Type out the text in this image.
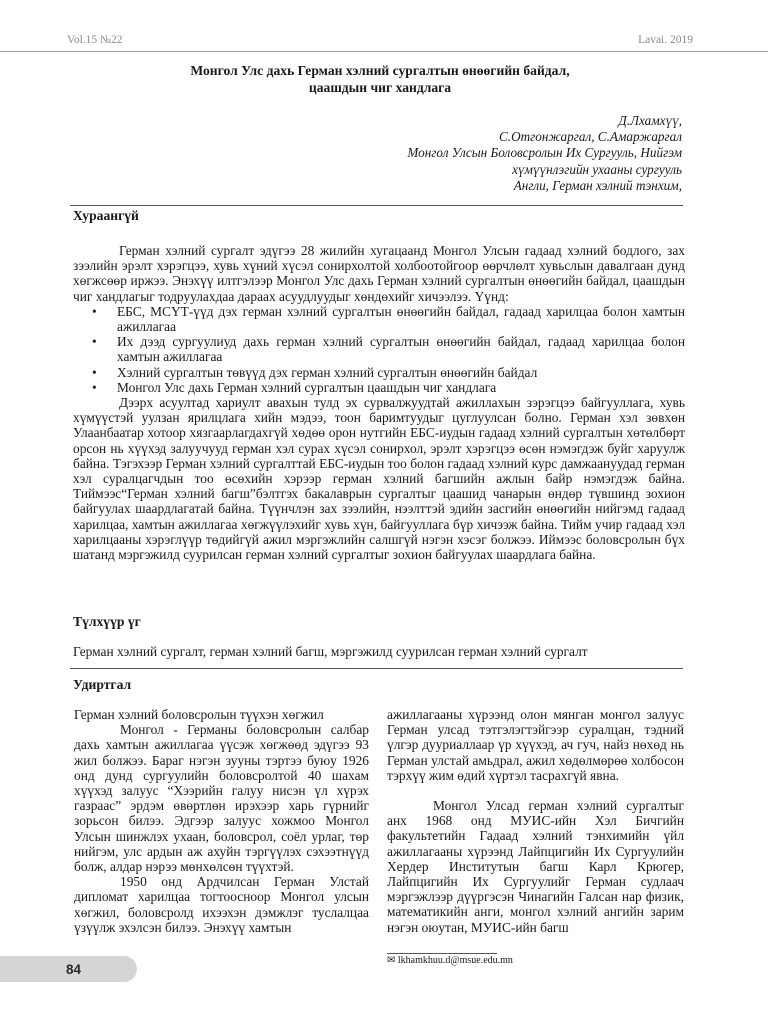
Vol.15 №22	Lavai. 2019
Монгол Улс дахь Герман хэлний сургалтын өнөөгийн байдал,
цаашдын чиг хандлага
Д.Лхамхүү,
С.Отгонжаргал, С.Амаржаргал
Монгол Улсын Боловсролын Их Сургууль, Нийгэм
хүмүүнлэгийн ухааны сургууль
Англи, Герман хэлний тэнхим,
Хураангүй

Герман хэлний сургалт эдүгээ 28 жилийн хугацаанд Монгол Улсын гадаад хэлний бодлого, зах зээлийн эрэлт хэрэгцээ, хувь хүний хүсэл сонирхолтой холбоотойгоор өөрчлөлт хувьслын давалгаан дунд хөгжсөөр иржээ. Энэхүү илтгэлээр Монгол Улс дахь Герман хэлний сургалтын өнөөгийн байдал, цаашдын чиг хандлагыг тодруулахдаа дараах асуудлуудыг хөндөхийг хичээлээ. Үүнд:

• ЕБС, МСҮТ-үүд дэх герман хэлний сургалтын өнөөгийн байдал, гадаад харилцаа болон хамтын ажиллагаа
• Их дээд сургуулиуд дахь герман хэлний сургалтын өнөөгийн байдал, гадаад харилцаа болон хамтын ажиллагаа
• Хэлний сургалтын төвүүд дэх герман хэлний сургалтын өнөөгийн байдал
• Монгол Улс дахь Герман хэлний сургалтын цаашдын чиг хандлага

Дээрх асуултад хариулт авахын тулд эх сурвалжуудтай ажиллахын зэрэгцээ байгууллага, хувь хүмүүстэй уулзан ярилцлага хийн мэдээ, тоон баримтуудыг цуглуулсан болно. Герман хэл зөвхөн Улаанбаатар хотоор хязгаарлагдахгүй хөдөө орон нутгийн ЕБС-иудын гадаад хэлний сургалтын хөтөлбөрт орсон нь хүүхэд залуучууд герман хэл сурах хүсэл сонирхол, эрэлт хэрэгцээ өсөн нэмэгдэж буйг харуулж байна. Тэгэхээр Герман хэлний сургалттай ЕБС-иудын тоо болон гадаад хэлний курс дамжаануудад герман хэл суралцагчдын тоо өсөхийн хэрээр герман хэлний багшийн ажлын байр нэмэгдэж байна. Тиймээс“Герман хэлний багш”бэлтгэх бакалаврын сургалтыг цаашид чанарын өндөр түвшинд зохион байгуулах шаардлагатай байна. Түүнчлэн зах зээлийн, нээлттэй эдийн засгийн өнөөгийн нийгэмд гадаад харилцаа, хамтын ажиллагаа хөгжүүлэхийг хувь хүн, байгууллага бүр хичээж байна. Тийм учир гадаад хэл харилцааны хэрэглүүр төдийгүй ажил мэргэжлийн салшгүй нэгэн хэсэг болжээ. Иймээс боловсролын бүх шатанд мэргэжилд суурилсан герман хэлний сургалтыг зохион байгуулах шаардлага байна.

Түлхүүр үг
Герман хэлний сургалт, герман хэлний багш, мэргэжилд суурилсан герман хэлний сургалт
Удиртгал

Герман хэлний боловсролын түүхэн хөгжил

Монгол - Германы боловсролын салбар дахь хамтын ажиллагаа үүсэж хөгжөөд эдүгээ 93 жил болжээ. Бараг нэгэн зууны тэртээ буюу 1926 онд дунд сургуулийн боловсролтой 40 шахам хүүхэд залуус “Хээрийн галуу нисэн үл хүрэх газраас” эрдэм өвөртлөн ирэхээр харь гүрнийг зорьсон билээ. Эдгээр залуус хожмоо Монгол Улсын шинжлэх ухаан, боловсрол, соёл урлаг, төр нийгэм, улс ардын аж ахуйн тэргүүлэх сэхээтнүүд болж, алдар нэрээ мөнхөлсөн түүхтэй.

1950 онд Ардчилсан Герман Улстай дипломат харилцаа тогтоосноор Монгол улсын хөгжил, боловсролд ихээхэн дэмжлэг туслалцаа үзүүлж эхэлсэн билээ. Энэхүү хамтын

ажиллагааны хүрээнд олон мянган монгол залуус Герман улсад тэтгэлэгтэйгээр суралцан, тэдний үлгэр дууриаллаар үр хүүхэд, ач гуч, найз нөхөд нь Герман улстай амьдрал, ажил хөдөлмөрөө холбосон тэрхүү жим өдий хүртэл тасрахгүй явна.

Монгол Улсад герман хэлний сургалтыг анх 1968 онд МУИС-ийн Хэл Бичгийн факультетийн Гадаад хэлний тэнхимийн үйл ажиллагааны хүрээнд Лайпцигийн Их Сургуулийн Хердер Институтын багш Карл Крюгер, Лайпцигийн Их Сургуулийг Герман судлаач мэргэжлээр дүүргэсэн Чинагийн Галсан нар физик, математикийн анги, монгол хэлний ангийн зарим нэгэн оюутан, МУИС-ийн багш

✉ lkhamkhuu.d@msue.edu.mn
84
